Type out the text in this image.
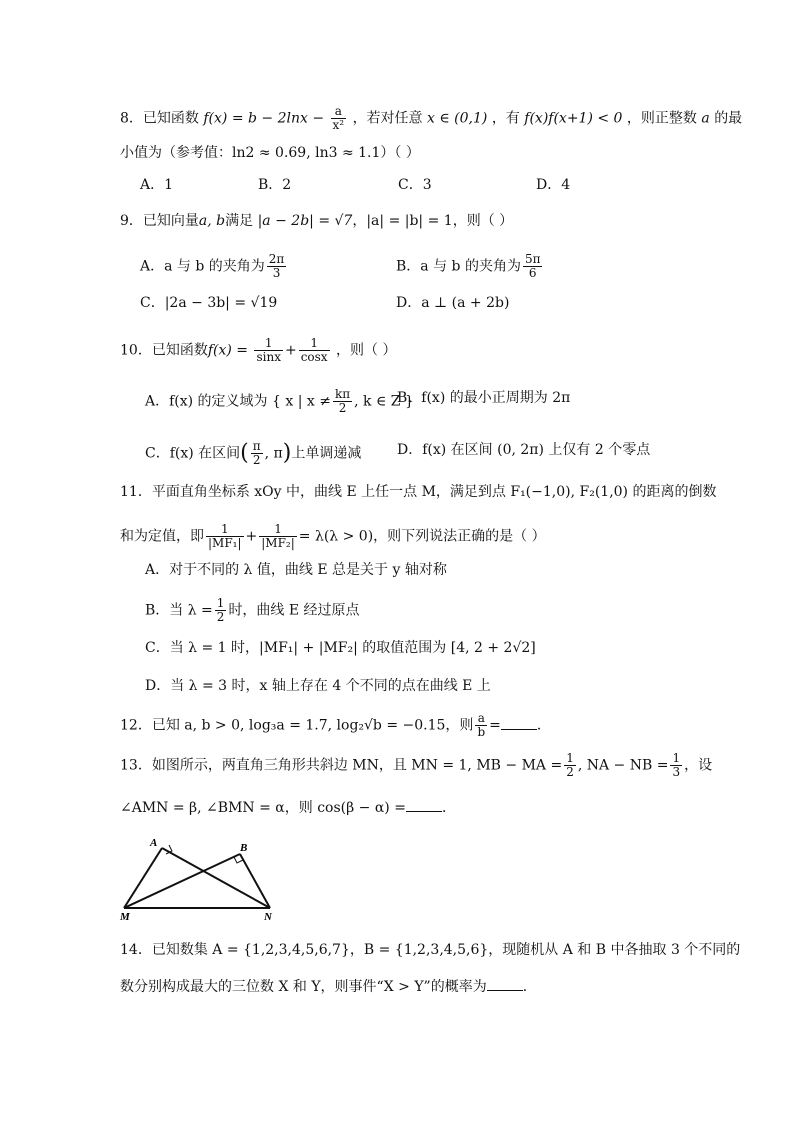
8．已知函数 $f(x) = b - 2\ln x - \frac{a}{\text{x²}}$ ，若对任意 x ∈ (0,1) ，有 f(x)f(x+1) < 0 ，则正整数 a 的最
小值为（参考值：ln2 ≈ 0.69, ln3 ≈ 1.1）（ ）
A．1	B．2	C．3	D．4
9．已知向量a, b满足 |a − 2b| = √7，|a| = |b| = 1，则（ ）
A．a 与 b 的夹角为 $\frac{2\pi}{3}$	B．a 与 b 的夹角为 $\frac{5\pi}{6}$
C．|2a − 3b| = √19	D．a ⊥ (a + 2b)
10．已知函数$f(x) = \frac{1}{\sin x} + \frac{1}{\cos x}$ ，则（ ）
A．f(x) 的定义域为 { x | $x \ne \frac{k\pi}{2}$ , k ∈ Z }
B．f(x) 的最小正周期为 2π
C．f(x) 在区间( $\frac{\pi}{2}$ , π)上单调递减	D．f(x) 在区间 (0, 2π) 上仅有 2 个零点
11．平面直角坐标系 xOy 中，曲线 E 上任一点 M，满足到点 F₁(−1,0), F₂(1,0) 的距离的倒数
和为定值，即 $\frac{1}{\text{|MF₁|}} + \frac{1}{\text{|MF₂|}} = \lambda(\lambda > 0)$，则下列说法正确的是（ ）
A．对于不同的 λ 值，曲线 E 总是关于 y 轴对称
B．当 $\lambda = \frac{1}{2}$ 时，曲线 E 经过原点
C．当 λ = 1 时，|MF₁| + |MF₂| 的取值范围为 [4, 2 + 2√2]
D．当 λ = 3 时，x 轴上存在 4 个不同的点在曲线 E 上
12．已知 a, b > 0, log₃a = 1.7, log₂√b = −0.15，则 $\frac{a}{b}$ =	．
13．如图所示，两直角三角形共斜边 MN，且 MN = 1, MB − MA = $\frac{1}{2}$ , NA − NB = $\frac{1}{3}$ ，设
∠AMN = β, ∠BMN = α，则 cos(β − α) =	．
A	B
M	N
14．已知数集 A = {1,2,3,4,5,6,7}，B = {1,2,3,4,5,6}，现随机从 A 和 B 中各抽取 3 个不同的
数分别构成最大的三位数 X 和 Y，则事件“X > Y”的概率为	．
